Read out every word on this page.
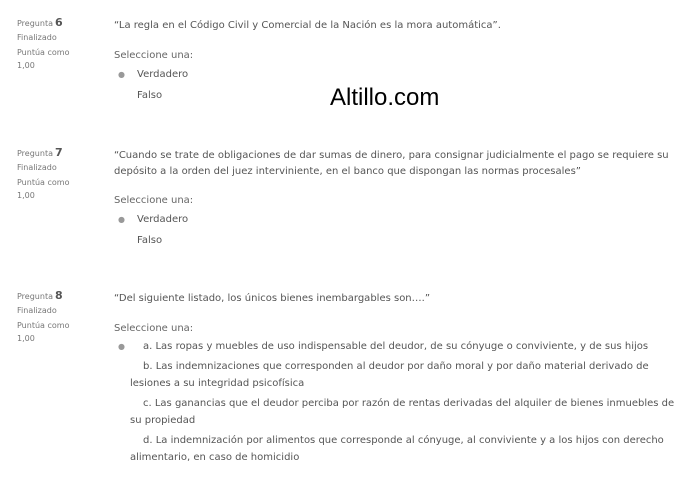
Pregunta 6
Finalizado
Puntúa como 1,00

“La regla en el Código Civil y Comercial de la Nación es la mora automática”.

Seleccione una:
●	Verdadero
Falso	Altillo.com
Pregunta 7
Finalizado
Puntúa como 1,00

“Cuando se trate de obligaciones de dar sumas de dinero, para consignar judicialmente el pago se requiere su depósito a la orden del juez interviniente, en el banco que dispongan las normas procesales”

Seleccione una:
●	Verdadero
Falso
Pregunta 8
Finalizado
Puntúa como 1,00

“Del siguiente listado, los únicos bienes inembargables son….”

Seleccione una:
● a. Las ropas y muebles de uso indispensable del deudor, de su cónyuge o conviviente, y de sus hijos
b. Las indemnizaciones que corresponden al deudor por daño moral y por daño material derivado de lesiones a su integridad psicofísica
c. Las ganancias que el deudor perciba por razón de rentas derivadas del alquiler de bienes inmuebles de su propiedad
d. La indemnización por alimentos que corresponde al cónyuge, al conviviente y a los hijos con derecho alimentario, en caso de homicidio
